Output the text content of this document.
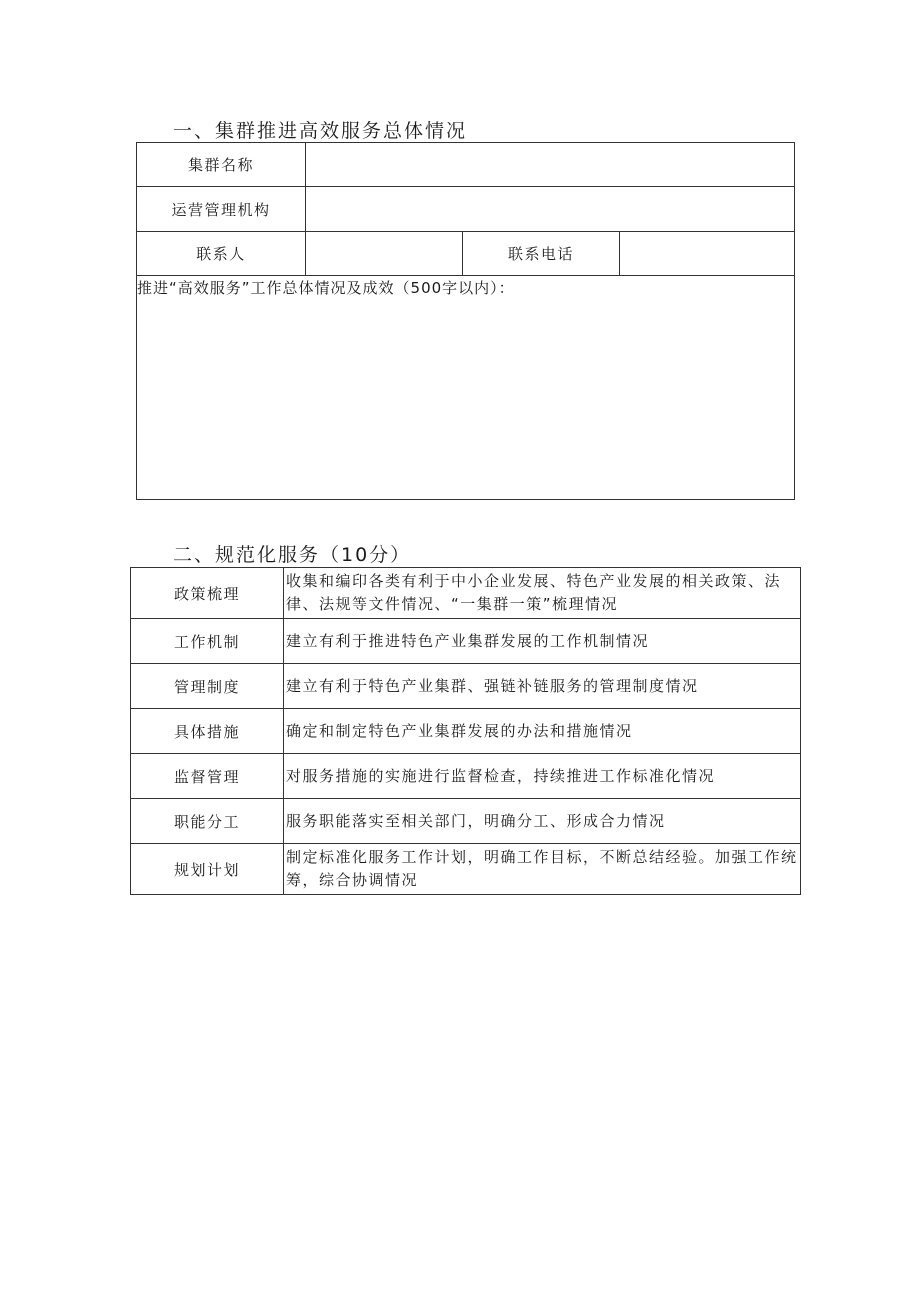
一、集群推进高效服务总体情况
集群名称			
运营管理机构			
联系人		联系电话	
推进“高效服务”工作总体情况及成效（500字以内）：			
二、规范化服务（10分）
政策梳理	收集和编印各类有利于中小企业发展、特色产业发展的相关政策、法律、法规等文件情况、“一集群一策”梳理情况
工作机制	建立有利于推进特色产业集群发展的工作机制情况
管理制度	建立有利于特色产业集群、强链补链服务的管理制度情况
具体措施	确定和制定特色产业集群发展的办法和措施情况
监督管理	对服务措施的实施进行监督检查，持续推进工作标准化情况
职能分工	服务职能落实至相关部门，明确分工、形成合力情况
规划计划	制定标准化服务工作计划，明确工作目标，不断总结经验。加强工作统筹，综合协调情况
